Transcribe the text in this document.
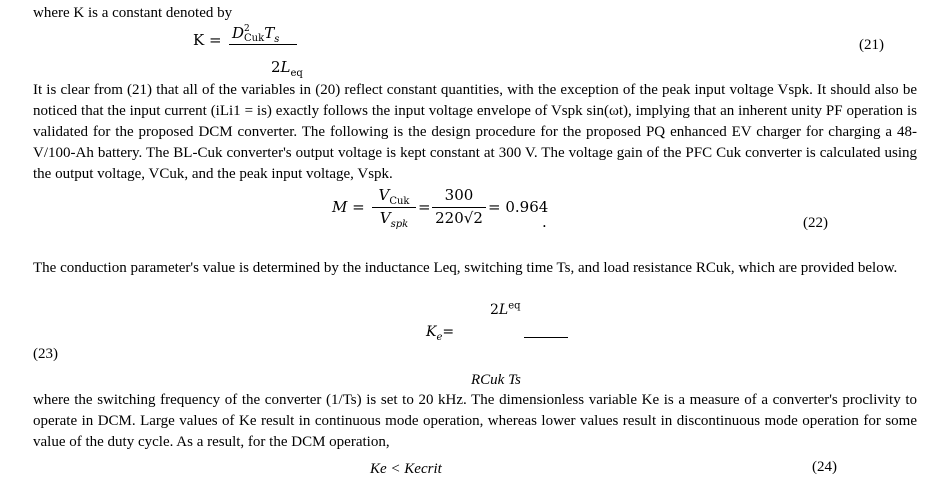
where K is a constant denoted by
K = D 2
Cuk $T_s$
$2L_{eq}$
(21)
It is clear from (21) that all of the variables in (20) reflect constant quantities, with the exception of the peak input voltage Vspk. It should also be noticed that the input current (iLi1 = is) exactly follows the input voltage envelope of Vspk sin(ωt), implying that an inherent unity PF operation is validated for the proposed DCM converter. The following is the design procedure for the proposed PQ enhanced EV charger for charging a 48-V/100-Ah battery. The BL-Cuk converter's output voltage is kept constant at 300 V. The voltage gain of the PFC Cuk converter is calculated using the output voltage, VCuk, and the peak input voltage, Vspk.
M =
$V_{Cuk}$
$V_{spk}$
=
300
220√2
= 0.964
.	(22)
The conduction parameter's value is determined by the inductance Leq, switching time Ts, and load resistance RCuk, which are provided below.
$2L^{eq}$
$K_e=$
(23)
RCuk Ts
where the switching frequency of the converter (1/Ts) is set to 20 kHz. The dimensionless variable Ke is a measure of a converter's proclivity to operate in DCM. Large values of Ke result in continuous mode operation, whereas lower values result in discontinuous mode operation for some value of the duty cycle. As a result, for the DCM operation,
Ke < Kecrit	(24)
